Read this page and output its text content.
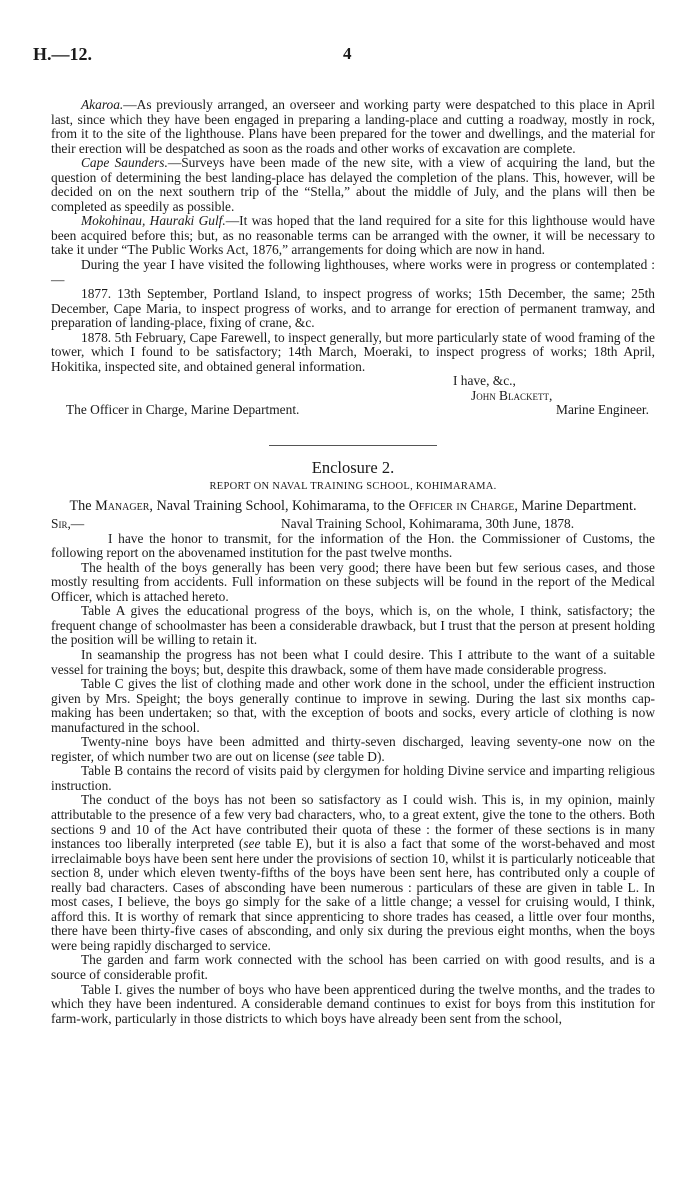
H.—12.	4

Akaroa.—As previously arranged, an overseer and working party were despatched to this place in April last, since which they have been engaged in preparing a landing-place and cutting a roadway, mostly in rock, from it to the site of the lighthouse. Plans have been prepared for the tower and dwellings, and the material for their erection will be despatched as soon as the roads and other works of excavation are complete.

Cape Saunders.—Surveys have been made of the new site, with a view of acquiring the land, but the question of determining the best landing-place has delayed the completion of the plans. This, however, will be decided on on the next southern trip of the “Stella,” about the middle of July, and the plans will then be completed as speedily as possible.

Mokohinau, Hauraki Gulf.—It was hoped that the land required for a site for this lighthouse would have been acquired before this; but, as no reasonable terms can be arranged with the owner, it will be necessary to take it under “The Public Works Act, 1876,” arrangements for doing which are now in hand.

During the year I have visited the following lighthouses, where works were in progress or contemplated :—

1877. 13th September, Portland Island, to inspect progress of works; 15th December, the same; 25th December, Cape Maria, to inspect progress of works, and to arrange for erection of permanent tramway, and preparation of landing-place, fixing of crane, &c.

1878. 5th February, Cape Farewell, to inspect generally, but more particularly state of wood framing of the tower, which I found to be satisfactory; 14th March, Moeraki, to inspect progress of works; 18th April, Hokitika, inspected site, and obtained general information.

I have, &c.,
John Blackett,
The Officer in Charge, Marine Department.	Marine Engineer.
Enclosure 2.
REPORT ON NAVAL TRAINING SCHOOL, KOHIMARAMA.
The Manager, Naval Training School, Kohimarama, to the Officer in Charge, Marine Department.
Sir,—	Naval Training School, Kohimarama, 30th June, 1878.

I have the honor to transmit, for the information of the Hon. the Commissioner of Customs, the following report on the abovenamed institution for the past twelve months.

The health of the boys generally has been very good; there have been but few serious cases, and those mostly resulting from accidents. Full information on these subjects will be found in the report of the Medical Officer, which is attached hereto.

Table A gives the educational progress of the boys, which is, on the whole, I think, satisfactory; the frequent change of schoolmaster has been a considerable drawback, but I trust that the person at present holding the position will be willing to retain it.

In seamanship the progress has not been what I could desire. This I attribute to the want of a suitable vessel for training the boys; but, despite this drawback, some of them have made considerable progress.

Table C gives the list of clothing made and other work done in the school, under the efficient instruction given by Mrs. Speight; the boys generally continue to improve in sewing. During the last six months cap-making has been undertaken; so that, with the exception of boots and socks, every article of clothing is now manufactured in the school.

Twenty-nine boys have been admitted and thirty-seven discharged, leaving seventy-one now on the register, of which number two are out on license (see table D).

Table B contains the record of visits paid by clergymen for holding Divine service and imparting religious instruction.

The conduct of the boys has not been so satisfactory as I could wish. This is, in my opinion, mainly attributable to the presence of a few very bad characters, who, to a great extent, give the tone to the others. Both sections 9 and 10 of the Act have contributed their quota of these : the former of these sections is in many instances too liberally interpreted (see table E), but it is also a fact that some of the worst-behaved and most irreclaimable boys have been sent here under the provisions of section 10, whilst it is particularly noticeable that section 8, under which eleven twenty-fifths of the boys have been sent here, has contributed only a couple of really bad characters. Cases of absconding have been numerous : particulars of these are given in table L. In most cases, I believe, the boys go simply for the sake of a little change; a vessel for cruising would, I think, afford this. It is worthy of remark that since apprenticing to shore trades has ceased, a little over four months, there have been thirty-five cases of absconding, and only six during the previous eight months, when the boys were being rapidly discharged to service.

The garden and farm work connected with the school has been carried on with good results, and is a source of considerable profit.

Table I. gives the number of boys who have been apprenticed during the twelve months, and the trades to which they have been indentured. A considerable demand continues to exist for boys from this institution for farm-work, particularly in those districts to which boys have already been sent from the school,
